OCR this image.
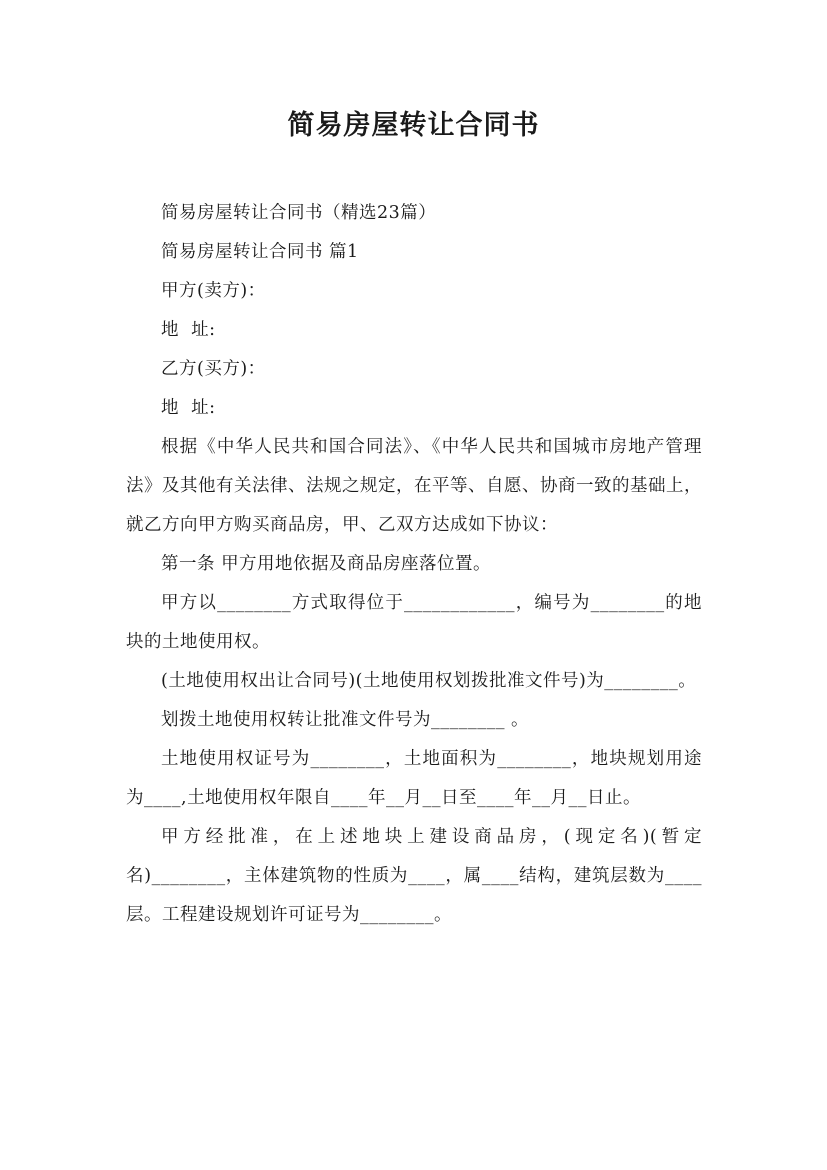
简易房屋转让合同书

简易房屋转让合同书（精选23篇）

简易房屋转让合同书 篇1

甲方(卖方)：

地  址:

乙方(买方)：

地  址:

根据《中华人民共和国合同法》、《中华人民共和国城市房地产管理法》及其他有关法律、法规之规定，在平等、自愿、协商一致的基础上，就乙方向甲方购买商品房，甲、乙双方达成如下协议：

第一条 甲方用地依据及商品房座落位置。

甲方以________方式取得位于____________，编号为________的地块的土地使用权。

(土地使用权出让合同号)(土地使用权划拨批准文件号)为________。

划拨土地使用权转让批准文件号为________ 。

土地使用权证号为________，土地面积为________，地块规划用途为____,土地使用权年限自____年__月__日至____年__月__日止。

甲方经批准，在上述地块上建设商品房，(现定名)(暂定名)________，主体建筑物的性质为____，属____结构，建筑层数为____层。工程建设规划许可证号为________。
